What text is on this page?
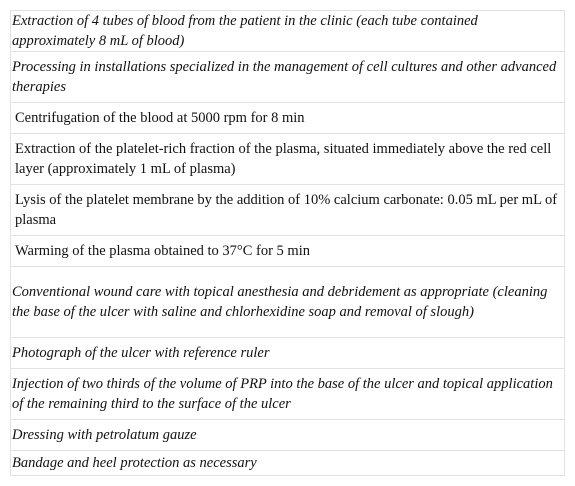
Extraction of 4 tubes of blood from the patient in the clinic (each tube contained approximately 8 mL of blood)
Processing in installations specialized in the management of cell cultures and other advanced therapies
Centrifugation of the blood at 5000 rpm for 8 min
Extraction of the platelet-rich fraction of the plasma, situated immediately above the red cell layer (approximately 1 mL of plasma)
Lysis of the platelet membrane by the addition of 10% calcium carbonate: 0.05 mL per mL of plasma
Warming of the plasma obtained to 37°C for 5 min
Conventional wound care with topical anesthesia and debridement as appropriate (cleaning the base of the ulcer with saline and chlorhexidine soap and removal of slough)
Photograph of the ulcer with reference ruler
Injection of two thirds of the volume of PRP into the base of the ulcer and topical application of the remaining third to the surface of the ulcer
Dressing with petrolatum gauze
Bandage and heel protection as necessary
